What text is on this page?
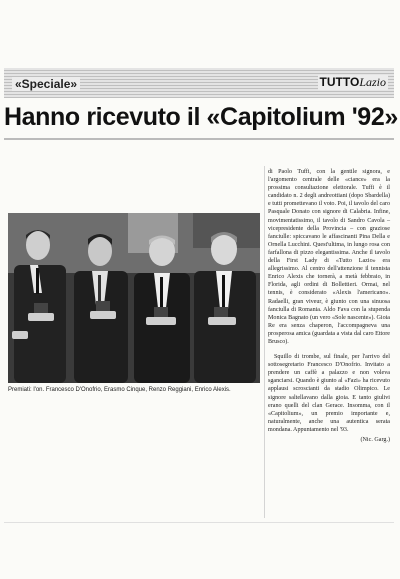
«Speciale»	TUTTOLazio
Hanno ricevuto il «Capitolium '92»
Premiati: l'on. Francesco D'Onofrio, Erasmo Cinque, Renzo Reggiani, Enrico Alexis.

di Paolo Tuffi, con la gentile signora, e l'argomento centrale delle «ciance» era la prossima consultazione elettorale. Tuffi è il candidato n. 2 degli andreottiani (dopo Sbardella) e tutti promettevano il voto. Poi, il tavolo del caro Pasquale Donato con signore di Calabria. Infine, movimentatissimo, il tavolo di Sandro Cavola – vicepresidente della Provincia – con graziose fanciulle: spiccavano le affascinanti Pina Della e Ornella Lucchini. Quest'ultima, in lungo rosa con farfallona di pizzo elegantissima. Anche il tavolo della First Lady di «Tutto Lazio» era allegrissimo. Al centro dell'attenzione il tennista Enrico Alexis che tornerà, a metà febbraio, in Florida, agli ordini di Bollettieri. Ormai, nel tennis, è considerato «Alexis l'americano». Radaelli, gran viveur, è giunto con una sinuosa fanciulla di Romania. Aldo Fava con la stupenda Monica Bagnato (un vero «Sole nascente»). Gioia Re era senza chaperon, l'accompagneva una prosperosa amica (guardata a vista dal caro Ettore Brusco).

Squillo di trombe, sul finale, per l'arrivo del sottosegretario Francesco D'Onofrio. Invitato a prendere un caffè a palazzo e non voleva sganciarsi. Quando è giunto al «Fazi» ha ricevuto applausi scroscianti da stadio Olimpico. Le signore saltellavano dalla gioia. E tanto giulivi erano quelli del clan Gerace. Insomma, con il «Capitolium», un premio importante e, naturalmente, anche una autentica serata mondana. Appuntamento nel '93.

(Nic. Garg.)
